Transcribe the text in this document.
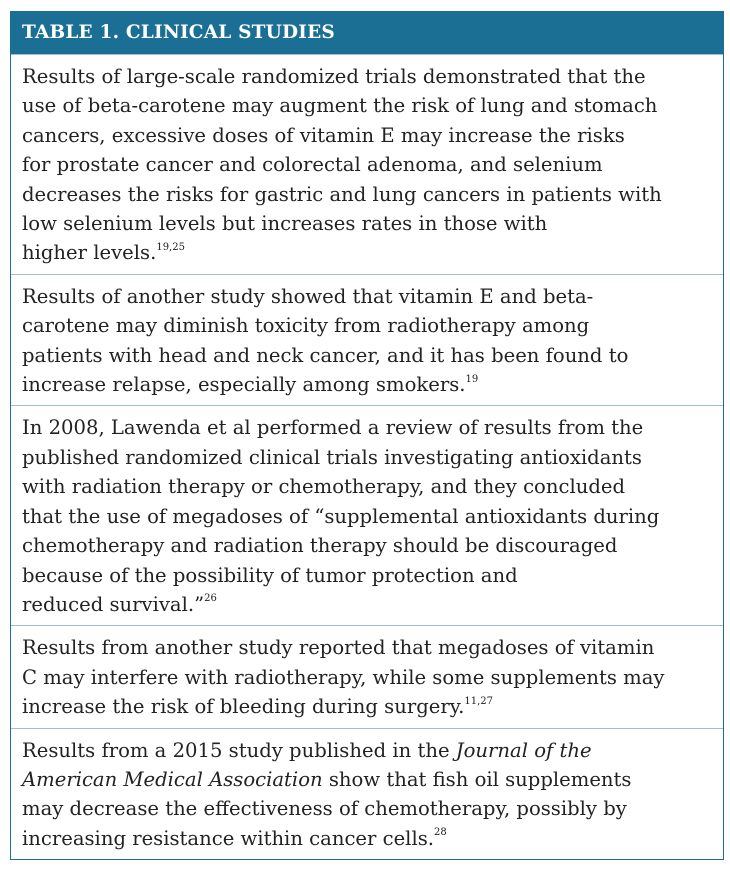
TABLE 1. CLINICAL STUDIES
Results of large-scale randomized trials demonstrated that the
use of beta-carotene may augment the risk of lung and stomach
cancers, excessive doses of vitamin E may increase the risks
for prostate cancer and colorectal adenoma, and selenium
decreases the risks for gastric and lung cancers in patients with
low selenium levels but increases rates in those with
higher levels.$^{19,25}$
Results of another study showed that vitamin E and beta-
carotene may diminish toxicity from radiotherapy among
patients with head and neck cancer, and it has been found to
increase relapse, especially among smokers.$^{19}$
In 2008, Lawenda et al performed a review of results from the
published randomized clinical trials investigating antioxidants
with radiation therapy or chemotherapy, and they concluded
that the use of megadoses of “supplemental antioxidants during
chemotherapy and radiation therapy should be discouraged
because of the possibility of tumor protection and
reduced survival.”$^{26}$
Results from another study reported that megadoses of vitamin
C may interfere with radiotherapy, while some supplements may
increase the risk of bleeding during surgery.$^{11,27}$
Results from a 2015 study published in the Journal of the
American Medical Association show that fish oil supplements
may decrease the effectiveness of chemotherapy, possibly by
increasing resistance within cancer cells.$^{28}$
